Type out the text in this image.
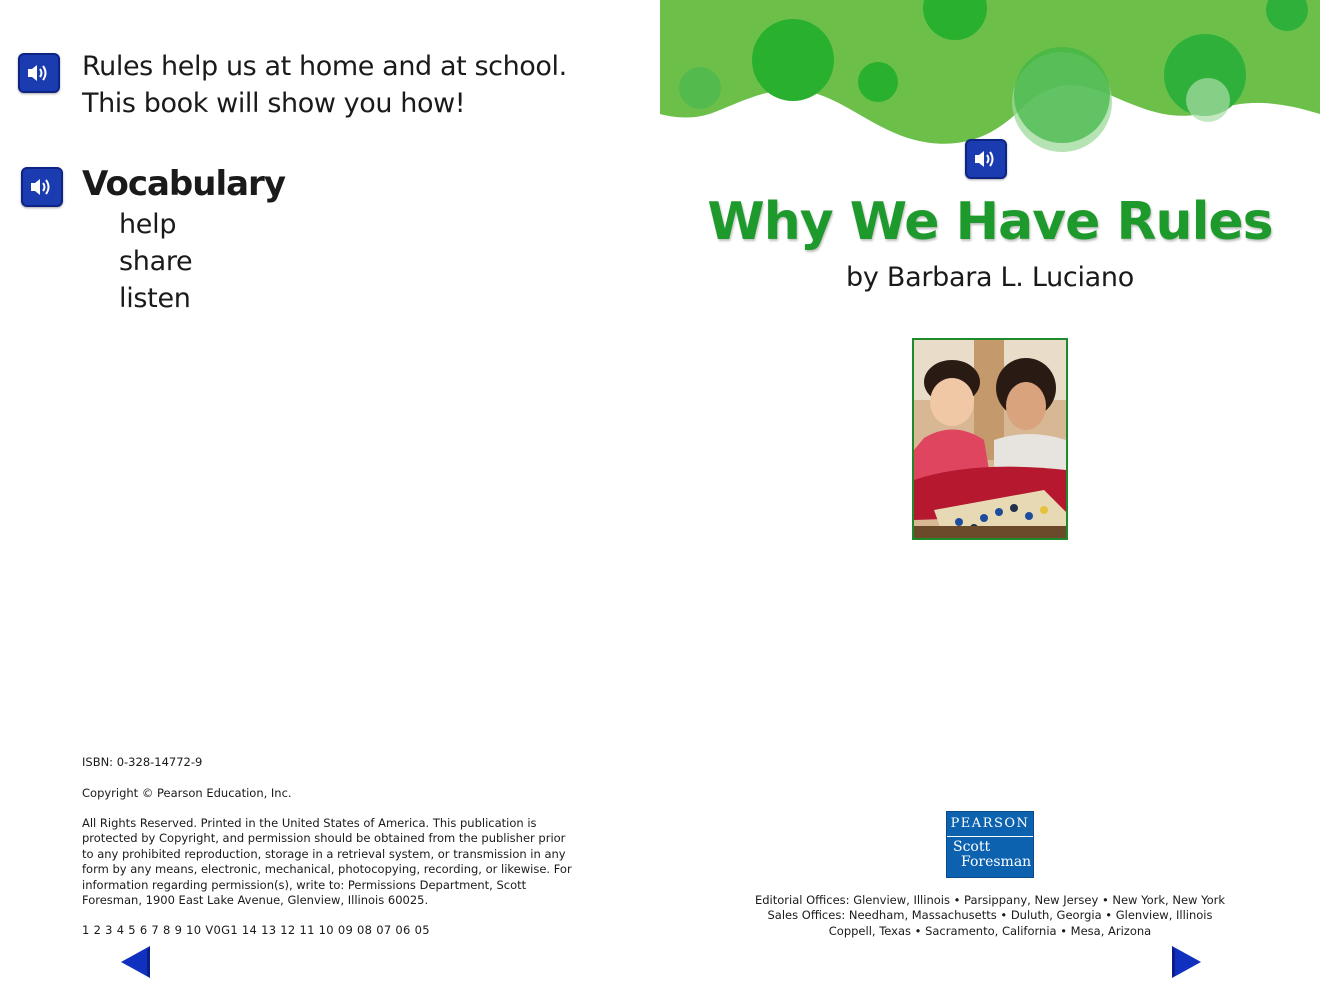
Rules help us at home and at school.
This book will show you how!
Vocabulary
help
share
listen
ISBN: 0-328-14772-9
Copyright © Pearson Education, Inc.
All Rights Reserved. Printed in the United States of America. This publication is protected by Copyright, and permission should be obtained from the publisher prior to any prohibited reproduction, storage in a retrieval system, or transmission in any form by any means, electronic, mechanical, photocopying, recording, or likewise. For information regarding permission(s), write to: Permissions Department, Scott Foresman, 1900 East Lake Avenue, Glenview, Illinois 60025.
1 2 3 4 5 6 7 8 9 10 V0G1 14 13 12 11 10 09 08 07 06 05
Why We Have Rules
by Barbara L. Luciano
PEARSON
Scott
Foresman
Editorial Offices: Glenview, Illinois • Parsippany, New Jersey • New York, New York
Sales Offices: Needham, Massachusetts • Duluth, Georgia • Glenview, Illinois
Coppell, Texas • Sacramento, California • Mesa, Arizona
